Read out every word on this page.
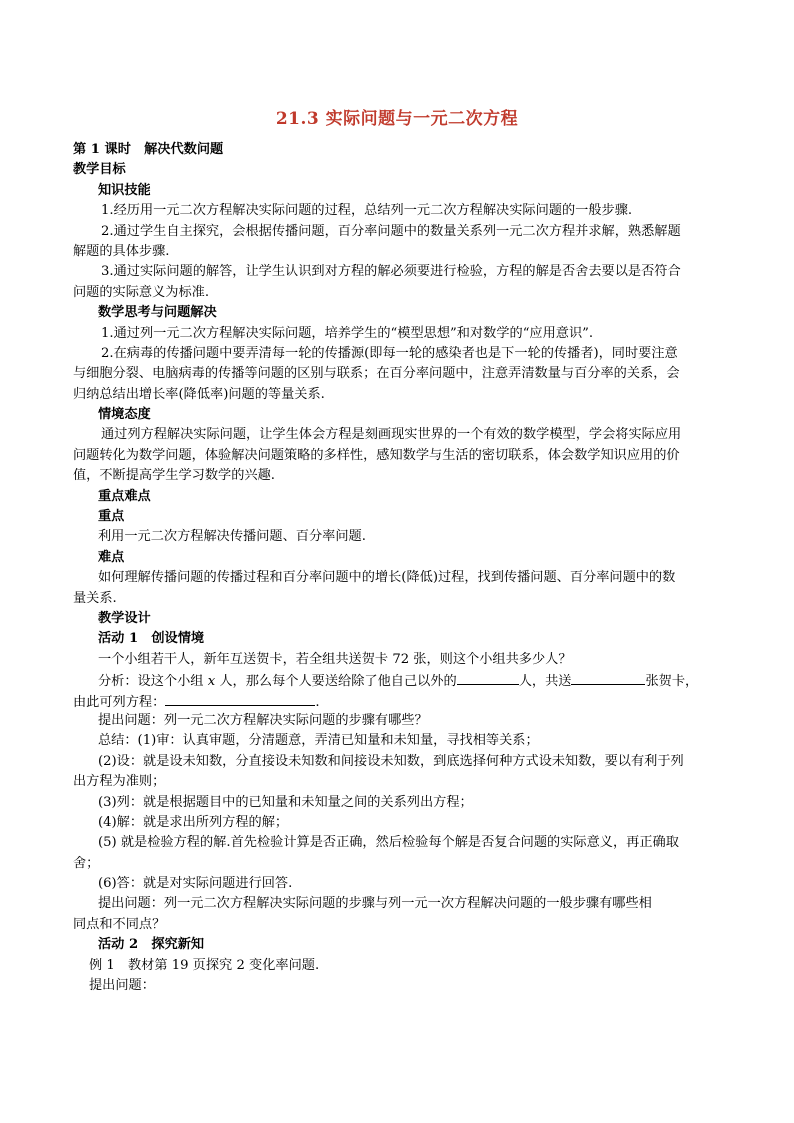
21.3 实际问题与一元二次方程
第 1 课时　解决代数问题
教学目标
知识技能
1.经历用一元二次方程解决实际问题的过程，总结列一元二次方程解决实际问题的一般步骤.
2.通过学生自主探究，会根据传播问题，百分率问题中的数量关系列一元二次方程并求解，熟悉解题
解题的具体步骤.
3.通过实际问题的解答，让学生认识到对方程的解必须要进行检验，方程的解是否舍去要以是否符合
问题的实际意义为标准.
数学思考与问题解决
1.通过列一元二次方程解决实际问题，培养学生的“模型思想”和对数学的“应用意识”.
2.在病毒的传播问题中要弄清每一轮的传播源(即每一轮的感染者也是下一轮的传播者)，同时要注意
与细胞分裂、电脑病毒的传播等问题的区别与联系；在百分率问题中，注意弄清数量与百分率的关系，会
归纳总结出增长率(降低率)问题的等量关系.
情境态度
通过列方程解决实际问题，让学生体会方程是刻画现实世界的一个有效的数学模型，学会将实际应用
问题转化为数学问题，体验解决问题策略的多样性，感知数学与生活的密切联系，体会数学知识应用的价
值，不断提高学生学习数学的兴趣.
重点难点
重点
利用一元二次方程解决传播问题、百分率问题.
难点
如何理解传播问题的传播过程和百分率问题中的增长(降低)过程，找到传播问题、百分率问题中的数
量关系.
教学设计
活动 1　创设情境
一个小组若干人，新年互送贺卡，若全组共送贺卡 72 张，则这个小组共多少人？
分析：设这个小组 x 人，那么每个人要送给除了他自己以外的	人，共送	张贺卡，
由此可列方程：	.
提出问题：列一元二次方程解决实际问题的步骤有哪些？
总结：(1)审：认真审题，分清题意，弄清已知量和未知量，寻找相等关系；
(2)设：就是设未知数，分直接设未知数和间接设未知数，到底选择何种方式设未知数，要以有利于列
出方程为准则；
(3)列：就是根据题目中的已知量和未知量之间的关系列出方程；
(4)解：就是求出所列方程的解；
(5) 就是检验方程的解.首先检验计算是否正确，然后检验每个解是否复合问题的实际意义，再正确取
舍；
(6)答：就是对实际问题进行回答.
提出问题：列一元二次方程解决实际问题的步骤与列一元一次方程解决问题的一般步骤有哪些相
同点和不同点？
活动 2　探究新知
例 1　教材第 19 页探究 2 变化率问题.
提出问题：
